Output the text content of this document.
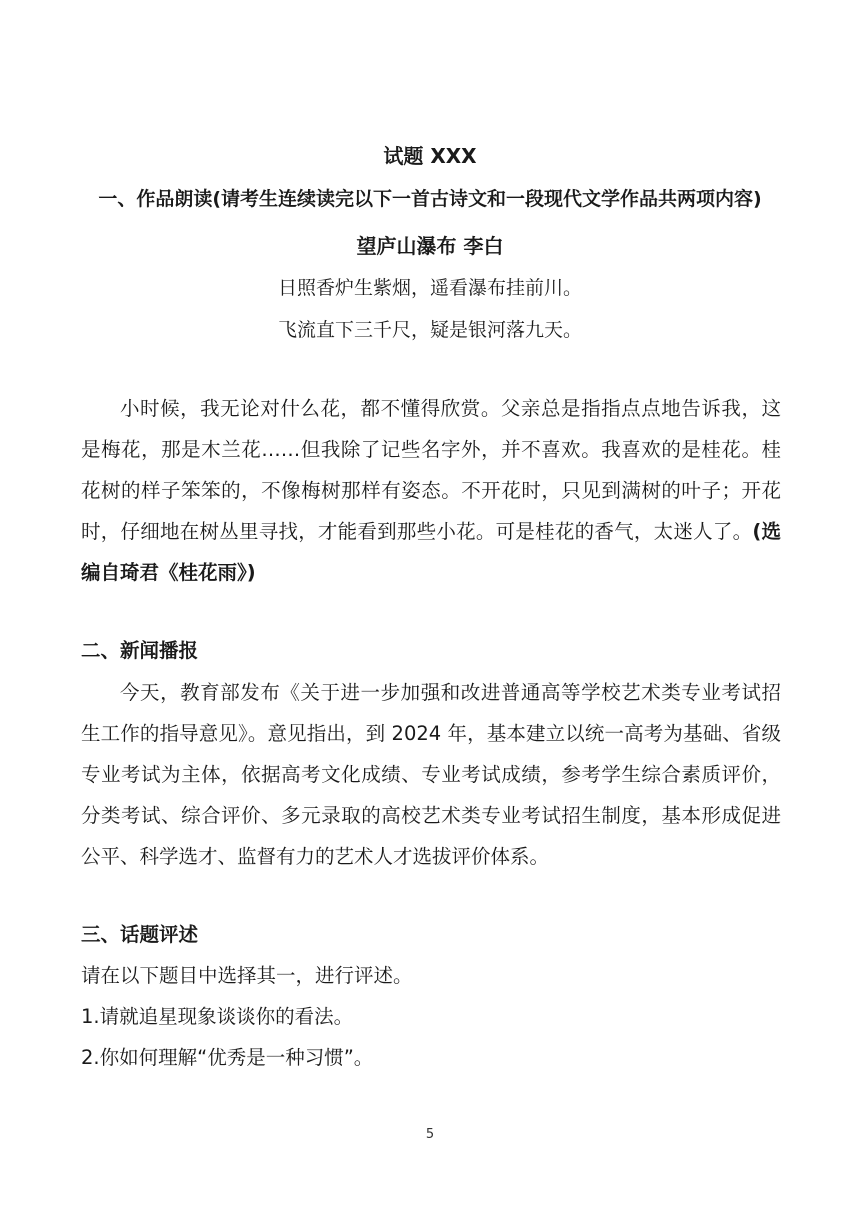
试题 XXX
一、作品朗读(请考生连续读完以下一首古诗文和一段现代文学作品共两项内容)
望庐山瀑布 李白
日照香炉生紫烟，遥看瀑布挂前川。
飞流直下三千尺，疑是银河落九天。
小时候，我无论对什么花，都不懂得欣赏。父亲总是指指点点地告诉我，这是梅花，那是木兰花……但我除了记些名字外，并不喜欢。我喜欢的是桂花。桂花树的样子笨笨的，不像梅树那样有姿态。不开花时，只见到满树的叶子；开花时，仔细地在树丛里寻找，才能看到那些小花。可是桂花的香气，太迷人了。(选编自琦君《桂花雨》)
二、新闻播报
今天，教育部发布《关于进一步加强和改进普通高等学校艺术类专业考试招生工作的指导意见》。意见指出，到 2024 年，基本建立以统一高考为基础、省级专业考试为主体，依据高考文化成绩、专业考试成绩，参考学生综合素质评价，分类考试、综合评价、多元录取的高校艺术类专业考试招生制度，基本形成促进公平、科学选才、监督有力的艺术人才选拔评价体系。
三、话题评述
请在以下题目中选择其一，进行评述。
1.请就追星现象谈谈你的看法。
2.你如何理解“优秀是一种习惯”。
5
